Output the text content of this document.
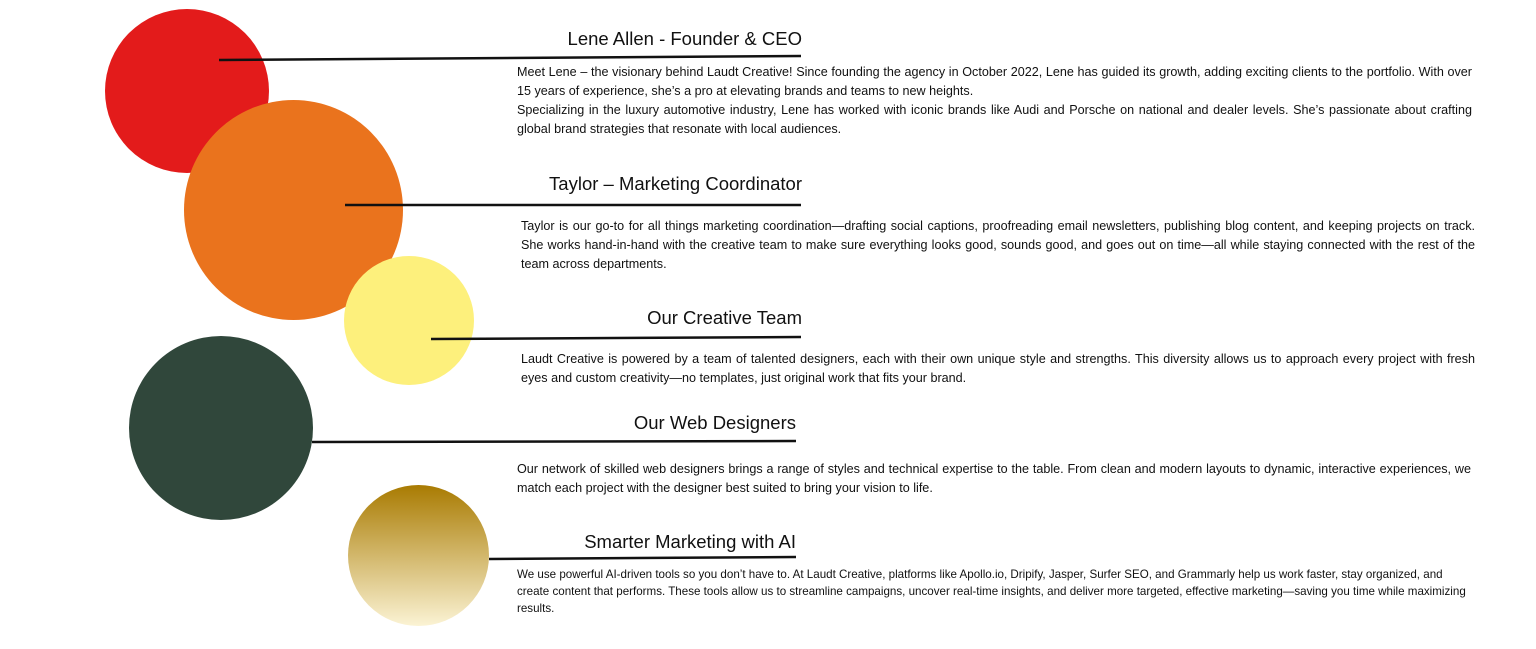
Lene Allen - Founder & CEO

Meet Lene – the visionary behind Laudt Creative! Since founding the agency in October 2022, Lene has guided its growth, adding exciting clients to the portfolio. With over 15 years of experience, she’s a pro at elevating brands and teams to new heights.

Specializing in the luxury automotive industry, Lene has worked with iconic brands like Audi and Porsche on national and dealer levels. She’s passionate about crafting global brand strategies that resonate with local audiences.

Taylor – Marketing Coordinator

Taylor is our go-to for all things marketing coordination—drafting social captions, proofreading email newsletters, publishing blog content, and keeping projects on track. She works hand-in-hand with the creative team to make sure everything looks good, sounds good, and goes out on time—all while staying connected with the rest of the team across departments.

Our Creative Team

Laudt Creative is powered by a team of talented designers, each with their own unique style and strengths. This diversity allows us to approach every project with fresh eyes and custom creativity—no templates, just original work that fits your brand.

Our Web Designers

Our network of skilled web designers brings a range of styles and technical expertise to the table. From clean and modern layouts to dynamic, interactive experiences, we match each project with the designer best suited to bring your vision to life.

Smarter Marketing with AI

We use powerful AI-driven tools so you don’t have to. At Laudt Creative, platforms like Apollo.io, Dripify, Jasper, Surfer SEO, and Grammarly help us work faster, stay organized, and create content that performs. These tools allow us to streamline campaigns, uncover real-time insights, and deliver more targeted, effective marketing—saving you time while maximizing results.
